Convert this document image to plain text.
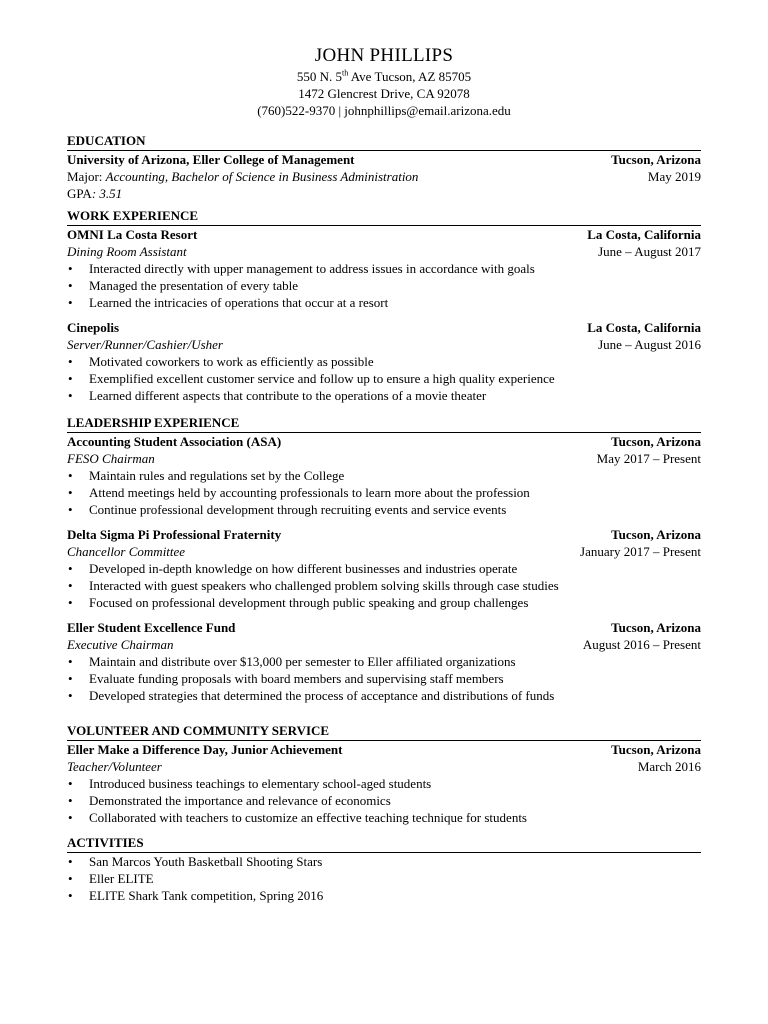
JOHN PHILLIPS
550 N. 5th Ave Tucson, AZ 85705
1472 Glencrest Drive, CA 92078
(760)522-9370 | johnphillips@email.arizona.edu
EDUCATION
University of Arizona, Eller College of Management	Tucson, Arizona
Major: Accounting, Bachelor of Science in Business Administration	May 2019
GPA: 3.51
WORK EXPERIENCE
OMNI La Costa Resort	La Costa, California
Dining Room Assistant	June – August 2017
• Interacted directly with upper management to address issues in accordance with goals
• Managed the presentation of every table
• Learned the intricacies of operations that occur at a resort
Cinepolis	La Costa, California
Server/Runner/Cashier/Usher	June – August 2016
• Motivated coworkers to work as efficiently as possible
• Exemplified excellent customer service and follow up to ensure a high quality experience
• Learned different aspects that contribute to the operations of a movie theater
LEADERSHIP EXPERIENCE
Accounting Student Association (ASA)	Tucson, Arizona
FESO Chairman	May 2017 – Present
• Maintain rules and regulations set by the College
• Attend meetings held by accounting professionals to learn more about the profession
• Continue professional development through recruiting events and service events
Delta Sigma Pi Professional Fraternity	Tucson, Arizona
Chancellor Committee	January 2017 – Present
• Developed in-depth knowledge on how different businesses and industries operate
• Interacted with guest speakers who challenged problem solving skills through case studies
• Focused on professional development through public speaking and group challenges
Eller Student Excellence Fund	Tucson, Arizona
Executive Chairman	August 2016 – Present
• Maintain and distribute over $13,000 per semester to Eller affiliated organizations
• Evaluate funding proposals with board members and supervising staff members
• Developed strategies that determined the process of acceptance and distributions of funds
VOLUNTEER AND COMMUNITY SERVICE
Eller Make a Difference Day, Junior Achievement	Tucson, Arizona
Teacher/Volunteer	March 2016
• Introduced business teachings to elementary school-aged students
• Demonstrated the importance and relevance of economics
• Collaborated with teachers to customize an effective teaching technique for students
ACTIVITIES
• San Marcos Youth Basketball Shooting Stars
• Eller ELITE
• ELITE Shark Tank competition, Spring 2016
